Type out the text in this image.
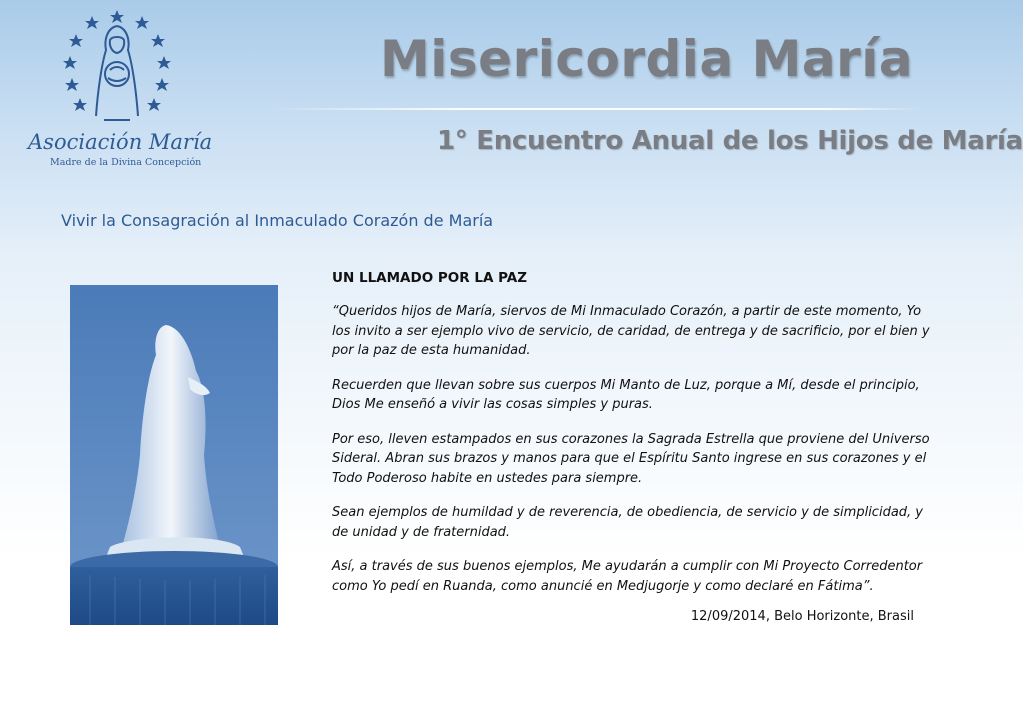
Asociación María
Madre de la Divina Concepción
Misericordia María
1° Encuentro Anual de los Hijos de María
Vivir la Consagración al Inmaculado Corazón de María
UN LLAMADO POR LA PAZ

“Queridos hijos de María, siervos de Mi Inmaculado Corazón, a partir de este momento, Yo los invito a ser ejemplo vivo de servicio, de caridad, de entrega y de sacrificio, por el bien y por la paz de esta humanidad.

Recuerden que llevan sobre sus cuerpos Mi Manto de Luz, porque a Mí, desde el principio, Dios Me enseñó a vivir las cosas simples y puras.

Por eso, lleven estampados en sus corazones la Sagrada Estrella que proviene del Universo Sideral. Abran sus brazos y manos para que el Espíritu Santo ingrese en sus corazones y el Todo Poderoso habite en ustedes para siempre.

Sean ejemplos de humildad y de reverencia, de obediencia, de servicio y de simplicidad, y de unidad y de fraternidad.

Así, a través de sus buenos ejemplos, Me ayudarán a cumplir con Mi Proyecto Corredentor como Yo pedí en Ruanda, como anuncié en Medjugorje y como declaré en Fátima”.

12/09/2014, Belo Horizonte, Brasil
